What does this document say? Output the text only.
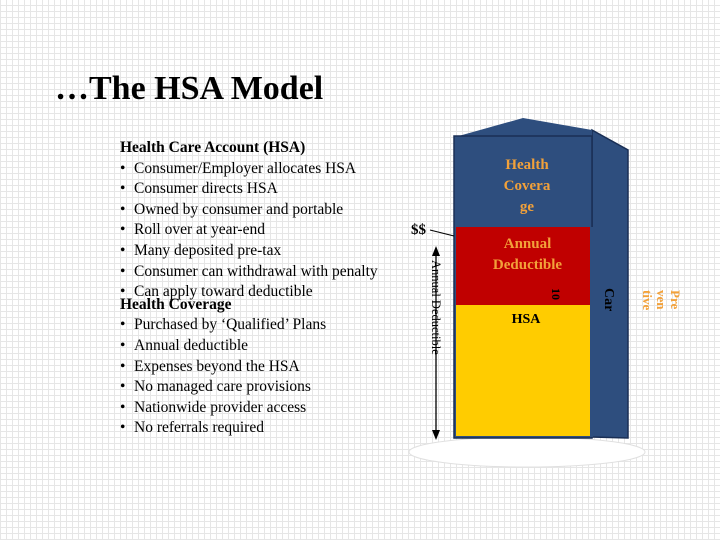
…The HSA Model
Health Care Account (HSA)
• Consumer/Employer allocates HSA
• Consumer directs HSA
• Owned by consumer and portable
• Roll over at year-end
• Many deposited pre-tax
• Consumer can withdrawal with penalty
• Can apply toward deductible
Health Coverage
• Purchased by ‘Qualified’ Plans
• Annual deductible
• Expenses beyond the HSA
• No managed care provisions
• Nationwide provider access
• No referrals required
$$
Health
Covera
ge
Annual
Deductible
HSA
Annual Deductible	10	Car	Pre
ven
tive
